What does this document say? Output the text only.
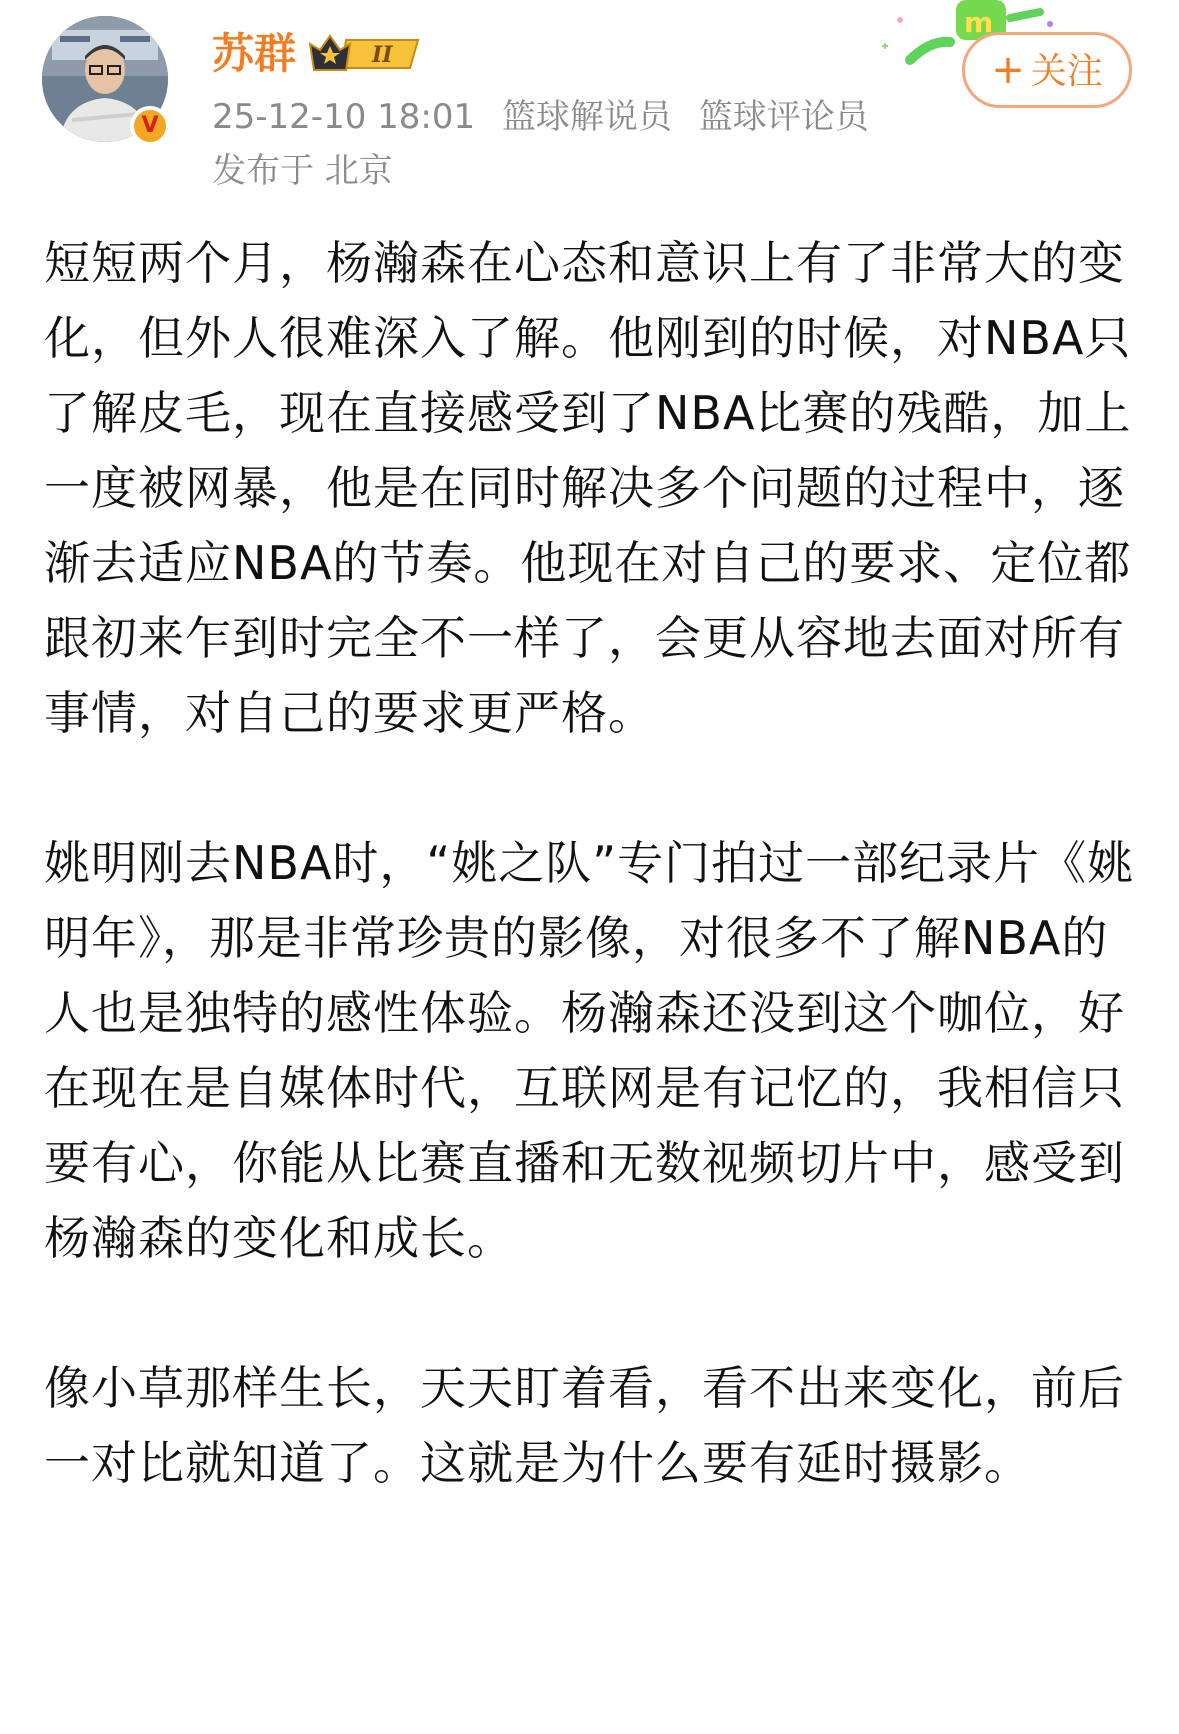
V
苏群	II
25-12-10 18:01 篮球解说员 篮球评论员
发布于 北京
m
+ 关注

短短两个月，杨瀚森在心态和意识上有了非常大的变化，但外人很难深入了解。他刚到的时候，对NBA只了解皮毛，现在直接感受到了NBA比赛的残酷，加上一度被网暴，他是在同时解决多个问题的过程中，逐渐去适应NBA的节奏。他现在对自己的要求、定位都跟初来乍到时完全不一样了，会更从容地去面对所有事情，对自己的要求更严格。

姚明刚去NBA时，“姚之队”专门拍过一部纪录片《姚明年》，那是非常珍贵的影像，对很多不了解NBA的人也是独特的感性体验。杨瀚森还没到这个咖位，好在现在是自媒体时代，互联网是有记忆的，我相信只要有心，你能从比赛直播和无数视频切片中，感受到杨瀚森的变化和成长。

像小草那样生长，天天盯着看，看不出来变化，前后一对比就知道了。这就是为什么要有延时摄影。
